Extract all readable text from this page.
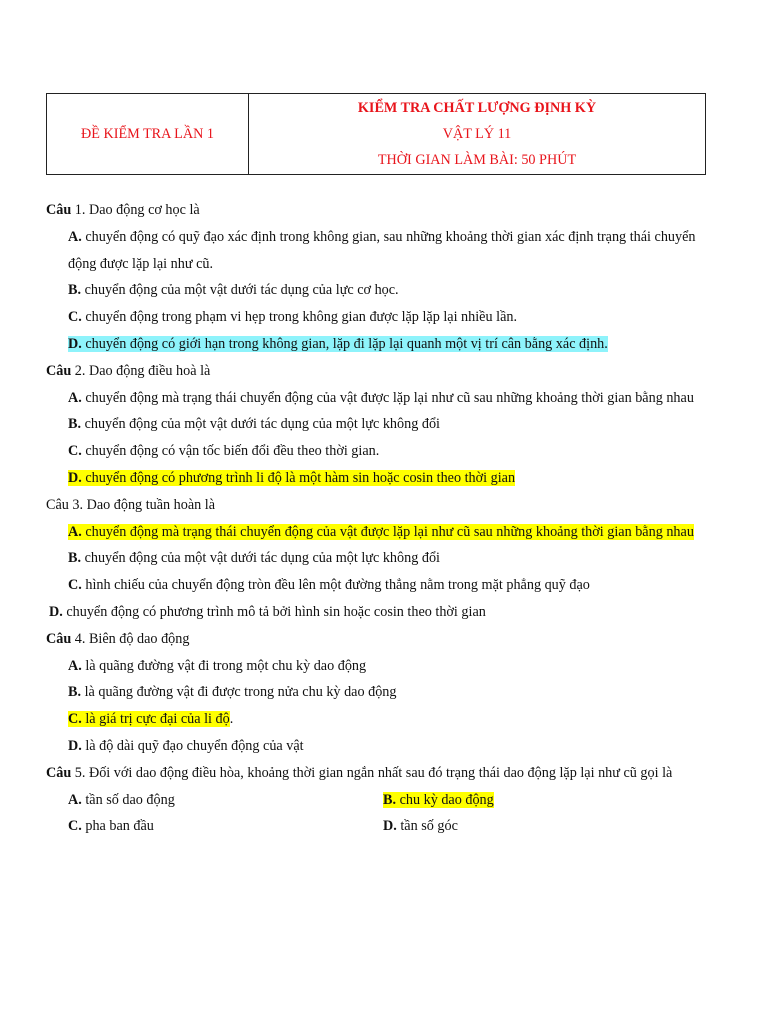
ĐỀ KIỂM TRA LẦN 1
KIỂM TRA CHẤT LƯỢNG ĐỊNH KỲ
VẬT LÝ 11
THỜI GIAN LÀM BÀI: 50 PHÚT
Câu 1. Dao động cơ học là
A. chuyển động có quỹ đạo xác định trong không gian, sau những khoảng thời gian xác định trạng thái chuyển động được lặp lại như cũ.
B. chuyển động của một vật dưới tác dụng của lực cơ học.
C. chuyển động trong phạm vi hẹp trong không gian được lặp lặp lại nhiều lần.
D. chuyển động có giới hạn trong không gian, lặp đi lặp lại quanh một vị trí cân bằng xác định.
Câu 2. Dao động điều hoà là
A. chuyển động mà trạng thái chuyển động của vật được lặp lại như cũ sau những khoảng thời gian bằng nhau
B. chuyển động của một vật dưới tác dụng của một lực không đổi
C. chuyển động có vận tốc biến đổi đều theo thời gian.
D. chuyển động có phương trình li độ là một hàm sin hoặc cosin theo thời gian
Câu 3. Dao động tuần hoàn là
A. chuyển động mà trạng thái chuyển động của vật được lặp lại như cũ sau những khoảng thời gian bằng nhau
B. chuyển động của một vật dưới tác dụng của một lực không đổi
C. hình chiếu của chuyển động tròn đều lên một đường thẳng nằm trong mặt phẳng quỹ đạo
D. chuyển động có phương trình mô tả bởi hình sin hoặc cosin theo thời gian
Câu 4. Biên độ dao động
A. là quãng đường vật đi trong một chu kỳ dao động
B. là quãng đường vật đi được trong nửa chu kỳ dao động
C. là giá trị cực đại của li độ.
D. là độ dài quỹ đạo chuyển động của vật
Câu 5. Đối với dao động điều hòa, khoảng thời gian ngắn nhất sau đó trạng thái dao động lặp lại như cũ gọi là
A. tần số dao động	B. chu kỳ dao động
C. pha ban đầu	D. tần số góc
